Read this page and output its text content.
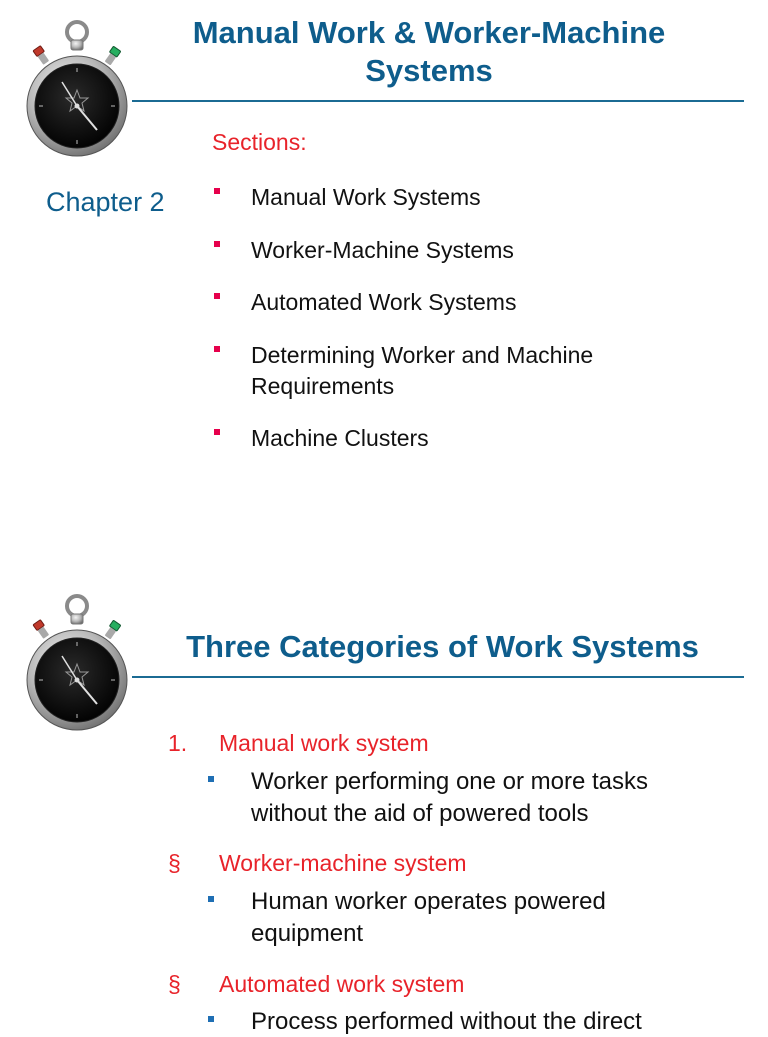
Manual Work & Worker-Machine
Systems
Sections:
Chapter 2	Manual Work Systems
Worker-Machine Systems
Automated Work Systems
Determining Worker and Machine
Requirements
Machine Clusters
Three Categories of Work Systems
1. Manual work system
Worker performing one or more tasks
without the aid of powered tools
§ Worker-machine system
Human worker operates powered
equipment
§ Automated work system
Process performed without the direct
